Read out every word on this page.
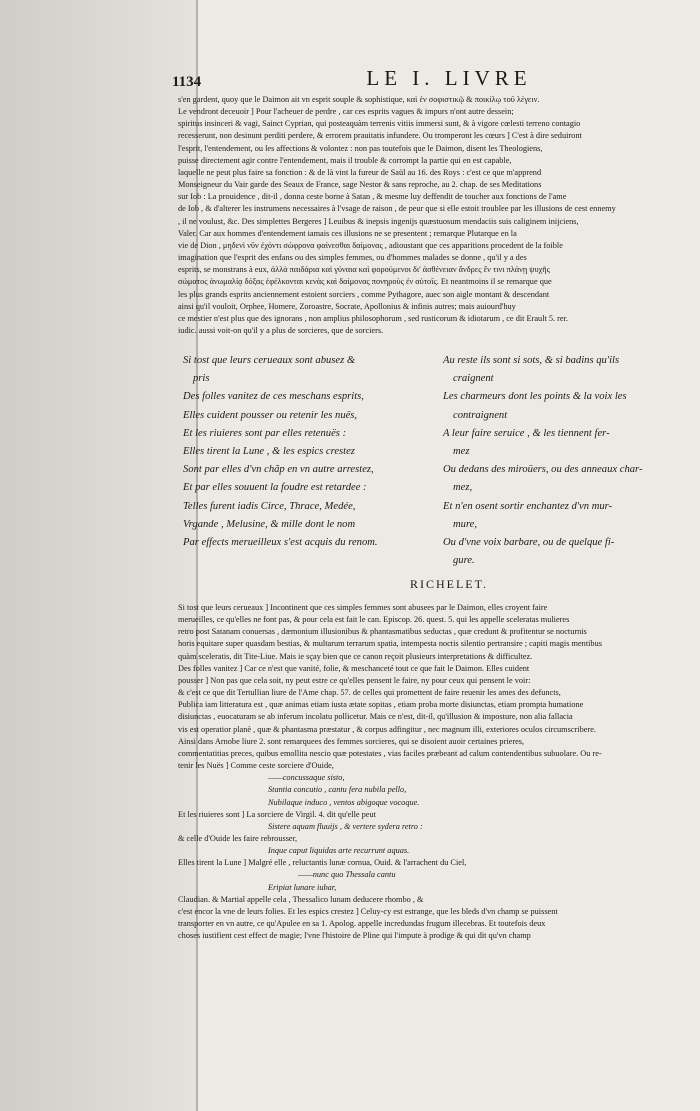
1134	LE I. LIVRE

s'en gardent, quoy que le Daimon ait vn esprit souple & sophistique, καὶ ἐν σοφιστικῷ & ποικίλῳ τοῦ λέγειν.

Le vendront deceuoir ] Pour l'acheuer de perdre , car ces esprits vagues & impurs n'ont autre dessein;

spiritus insinceri & vagi, Sainct Cyprian, qui posteaquàm terrenis vitiis immersi sunt, & à vigore cœlesti terreno contagio

recesserunt, non desinunt perditi perdere, & errorem prauitatis infundere. Ou tromperont les cœurs ] C'est à dire seduiront

l'esprit, l'entendement, ou les affections & volontez : non pas toutefois que le Daimon, disent les Theologiens,

puisse directement agir contre l'entendement, mais il trouble & corrompt la partie qui en est capable,

laquelle ne peut plus faire sa fonction : & de là vint la fureur de Saül au 16. des Roys : c'est ce que m'apprend

Monseigneur du Vair garde des Seaux de France, sage Nestor & sans reproche, au 2. chap. de ses Meditations

sur Iob : La prouidence , dit-il , donna ceste borne à Satan , & mesme luy deffendit de toucher aux fonctions de l'ame

de Iob , & d'alterer les instrumens necessaires à l'vsage de raison , de peur que si elle estoit troublee par les illusions de cest ennemy

, il ne voulust, &c. Des simplettes Bergeres ] Leuibus & inepsis ingenijs quæstuosum mendaciis suis caliginem inijciens,

Valer. Car aux hommes d'entendement iamais ces illusions ne se presentent ; remarque Plutarque en la

vie de Dion , μηδενὶ νῦν ἐχόντι σώφρονα φαίνεσθαι δαίμονας , adioustant que ces apparitions procedent de la foible

imagination que l'esprit des enfans ou des simples femmes, ou d'hommes malades se donne , qu'il y a des

esprits, se monstrans à eux, ἀλλὰ παιδάρια καὶ γύναια καὶ φορούμενοι δι' ἀσθένειαν ἄνδρες ἔν τινι πλάνῃ ψυχῆς

σώματος ἀνωμαλίᾳ δόξας ἐφέλκονται κενὰς καὶ δαίμονας πονηροὺς ἐν αὑτοῖς. Et neantmoins il se remarque que

les plus grands esprits anciennement estoient sorciers , comme Pythagore, auec son aigle montant & descendant

ainsi qu'il vouloit, Orphee, Homere, Zoroastre, Socrate, Apollonius & infinis autres; mais auiourd'huy

ce mestier n'est plus que des ignorans , non amplius philosophorum , sed rusticorum & idiotarum , ce dit Erault 5. rer.

iudic. aussi voit-on qu'il y a plus de sorcieres, que de sorciers.

Si tost que leurs cerueaux sont abusez &
pris
Des folles vanitez de ces meschans esprits,
Elles cuident pousser ou retenir les nuës,
Et les riuieres sont par elles retenuës :
Elles tirent la Lune , & les espics crestez
Sont par elles d'vn chãp en vn autre arrestez,
Et par elles souuent la foudre est retardee :
Telles furent iadis Circe, Thrace, Medée,
Vrgande , Melusine, & mille dont le nom
Par effects merueilleux s'est acquis du renom.
Au reste ils sont si sots, & si badins qu'ils
craignent
Les charmeurs dont les points & la voix les
contraignent
A leur faire seruice , & les tiennent fer-
mez
Ou dedans des miroüers, ou des anneaux char-
mez,
Et n'en osent sortir enchantez d'vn mur-
mure,
Ou d'vne voix barbare, ou de quelque fi-
gure.
RICHELET.

Si tost que leurs cerueaux ] Incontinent que ces simples femmes sont abusees par le Daimon, elles croyent faire

merueilles, ce qu'elles ne font pas, & pour cela est fait le can. Episcop. 26. quest. 5. qui les appelle sceleratas mulieres

retro post Satanam conuersas , dæmonium illusionibus & phantasmatibus seductas , quæ credunt & profitentur se nocturnis

horis equitare super quasdam bestias, & multarum terrarum spatia, intempesta noctis silentio pertransire ; capiti magis mentibus

quàm sceleratis, dit Tite-Liue. Mais ie sçay bien que ce canon reçoit plusieurs interpretations & difficultez.

Des folles vanitez ] Car ce n'est que vanité, folie, & meschanceté tout ce que fait le Daimon. Elles cuident

pousser ] Non pas que cela soit, ny peut estre ce qu'elles pensent le faire, ny pour ceux qui pensent le voir:

& c'est ce que dit Tertullian liure de l'Ame chap. 57. de celles qui promettent de faire reuenir les ames des defuncts,

Publica iam litteratura est , quæ animas etiam iusta ætate sopitas , etiam proba morte disiunctas, etiam prompta humatione

disiunctas , euocaturam se ab inferum incolatu pollicetur. Mais ce n'est, dit-il, qu'illusion & imposture, non alia fallacia

vis est operatior planè , quæ & phantasma præstatur , & corpus adfingitur , nec magnum illi, exteriores oculos circumscribere.

Ainsi dans Arnobe liure 2. sont remarquees des femmes sorcieres, qui se disoient auoir certaines prieres,

commentatitias preces, quibus emollita nescio quæ potestates , vias faciles præbeant ad calum contendentibus subuolare. Ou re-

tenir les Nuës ] Comme ceste sorciere d'Ouide,

——concussaque sisto,

Stantia concutio , cantu fera nubila pello,

Nubilaque induco , ventos abigoque vocoque.

Et les riuieres sont ] La sorciere de Virgil. 4. dit qu'elle peut

Sistere aquam fluuijs , & vertere sydera retro :

& celle d'Ouide les faire rebrousser,

Inque caput liquidas arte recurrunt aquas.

Elles tirent la Lune ] Malgré elle , reluctantis lunæ cornua, Ouid. & l'arrachent du Ciel,

——nunc quo Thessala cantu

Eripiat lunare iubar,

Claudian. & Martial appelle cela , Thessalico lunam deducere rhombo , &

c'est encor la vne de leurs folies. Et les espics crestez ] Celuy-cy est estrange, que les bleds d'vn champ se puissent

transporter en vn autre, ce qu'Apulee en sa 1. Apolog. appelle incredundas frugum illecebras. Et toutefois deux

choses iustifient cest effect de magie; l'vne l'histoire de Pline qui l'impute à prodige & qui dit qu'vn champ
